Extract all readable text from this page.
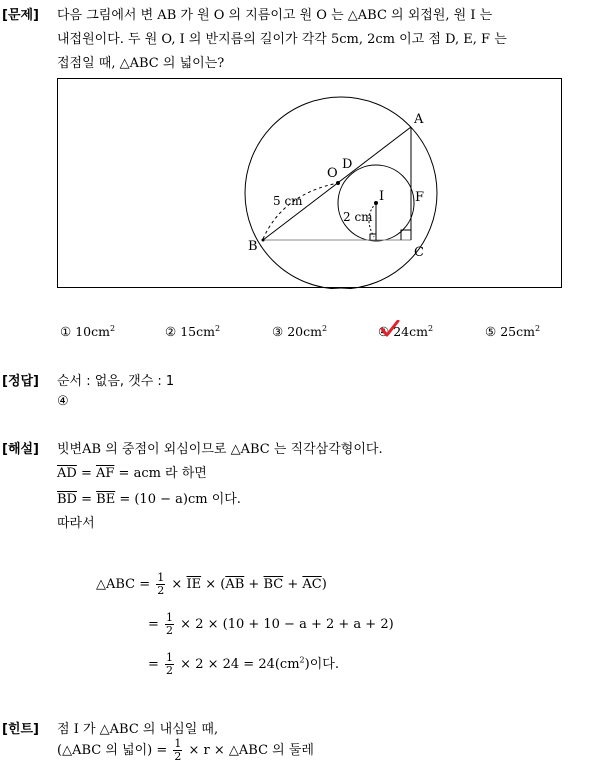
[문제]
[정답]
[해설]
[힌트]
다음 그림에서 변 AB 가 원 O 의 지름이고 원 O 는 △ABC 의 외접원, 원 I 는
내접원이다. 두 원 O, I 의 반지름의 길이가 각각 5cm, 2cm 이고 점 D, E, F 는
접점일 때, △ABC 의 넓이는?
A
B	C
D
F
O
I
5 cm
2 cm
① $10cm^2$	② $15cm^2$	③ $20cm^2$	④ $24cm^2$	⑤ $25cm^2$
순서 : 없음, 갯수 : 1
④
빗변AB 의 중점이 외심이므로 △ABC 는 직각삼각형이다.
$\overline{AD} = \overline{AF}$ = acm 라 하면
$\overline{BD} = \overline{BE} = (10 - a)cm$ 이다.
따라서
△ABC = $\frac{1}{2} \times \overline{IE} \times (\overline{AB} + \overline{BC} + \overline{AC})$
= $\frac{1}{2} \times 2 \times (10 + 10 - a + 2 + a + 2)$
= $\frac{1}{2} \times 2 \times 24 = 24(cm^2)$이다.
점 I 가 △ABC 의 내심일 때,
(△ABC 의 넓이) = $\frac{1}{2} \times r$ × △ABC 의 둘레
